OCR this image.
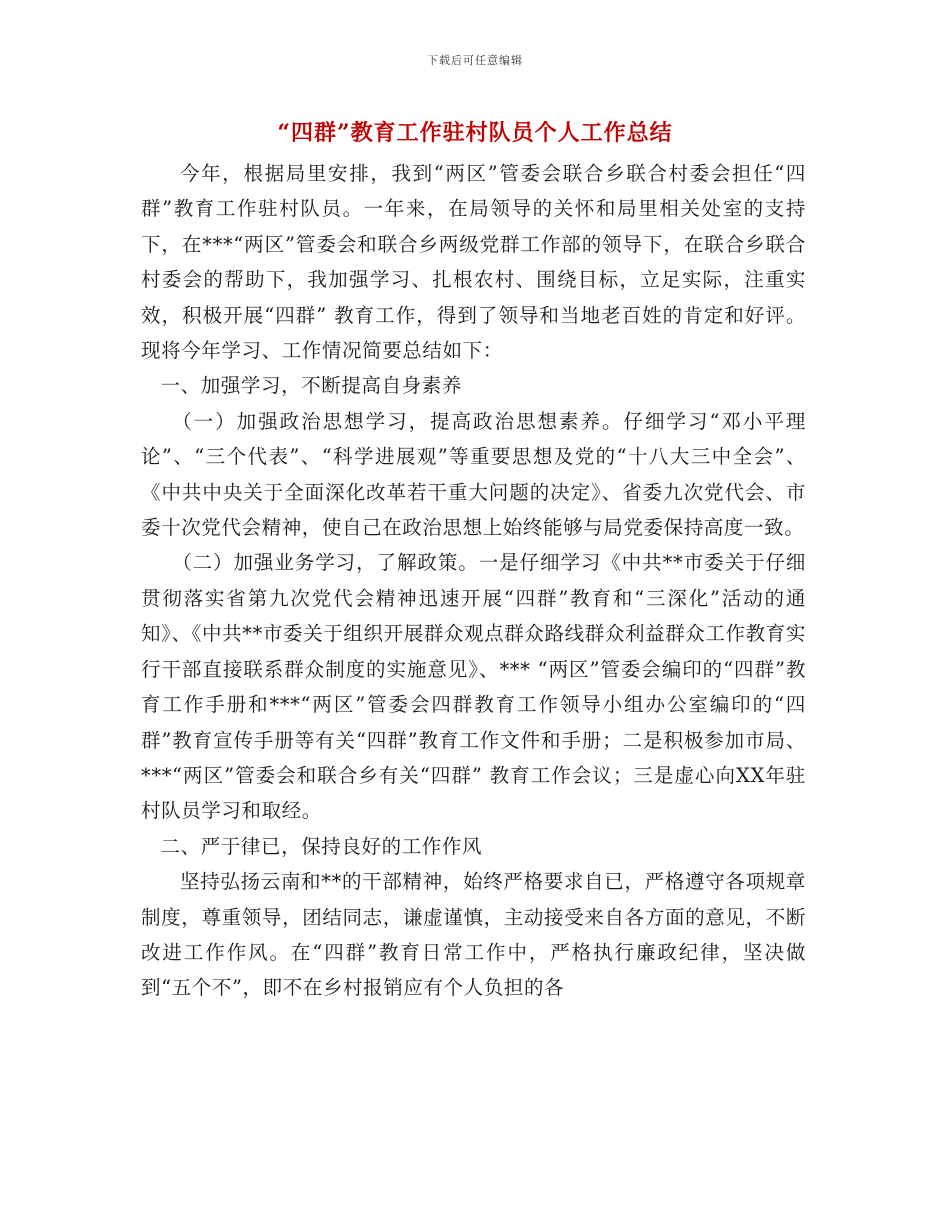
下载后可任意编辑
“四群”教育工作驻村队员个人工作总结

今年，根据局里安排，我到“两区”管委会联合乡联合村委会担任“四群”教育工作驻村队员。一年来，在局领导的关怀和局里相关处室的支持下，在***“两区”管委会和联合乡两级党群工作部的领导下，在联合乡联合村委会的帮助下，我加强学习、扎根农村、围绕目标，立足实际，注重实效，积极开展“四群” 教育工作，得到了领导和当地老百姓的肯定和好评。现将今年学习、工作情况简要总结如下：

一、加强学习，不断提高自身素养

（一）加强政治思想学习，提高政治思想素养。仔细学习“邓小平理论”、“三个代表”、“科学进展观”等重要思想及党的“十八大三中全会”、《中共中央关于全面深化改革若干重大问题的决定》、省委九次党代会、市委十次党代会精神，使自己在政治思想上始终能够与局党委保持高度一致。

（二）加强业务学习，了解政策。一是仔细学习《中共**市委关于仔细贯彻落实省第九次党代会精神迅速开展“四群”教育和“三深化”活动的通知》、《中共**市委关于组织开展群众观点群众路线群众利益群众工作教育实行干部直接联系群众制度的实施意见》、*** “两区”管委会编印的“四群”教育工作手册和***“两区”管委会四群教育工作领导小组办公室编印的“四群”教育宣传手册等有关“四群”教育工作文件和手册；二是积极参加市局、***“两区”管委会和联合乡有关“四群” 教育工作会议；三是虚心向XX年驻村队员学习和取经。

二、严于律已，保持良好的工作作风

坚持弘扬云南和**的干部精神，始终严格要求自已，严格遵守各项规章制度，尊重领导，团结同志，谦虚谨慎，主动接受来自各方面的意见，不断改进工作作风。在“四群”教育日常工作中，严格执行廉政纪律，坚决做到“五个不”，即不在乡村报销应有个人负担的各
